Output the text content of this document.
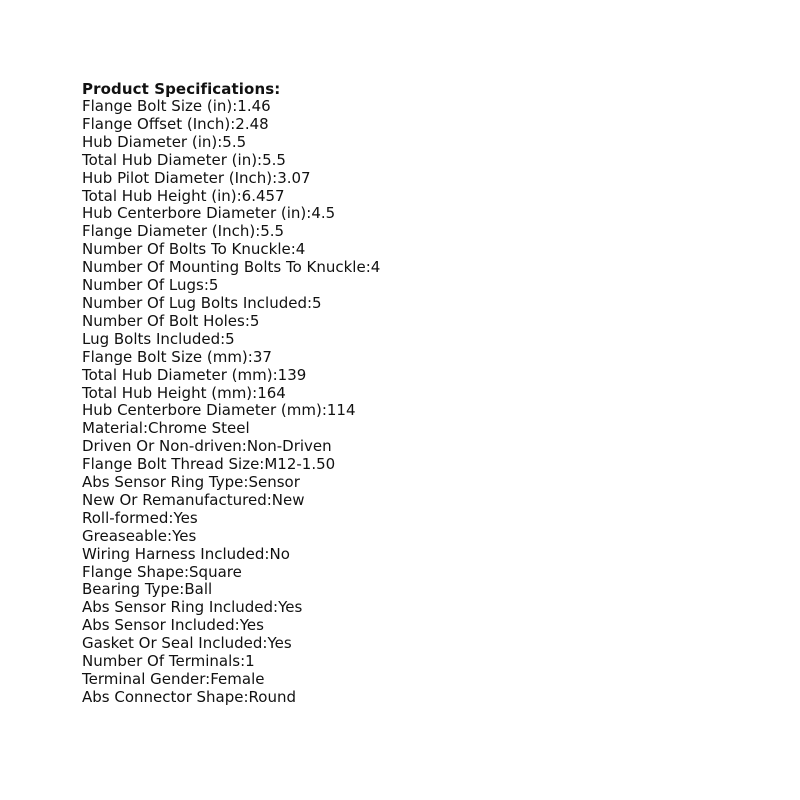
Product Specifications:
Flange Bolt Size (in):1.46
Flange Offset (Inch):2.48
Hub Diameter (in):5.5
Total Hub Diameter (in):5.5
Hub Pilot Diameter (Inch):3.07
Total Hub Height (in):6.457
Hub Centerbore Diameter (in):4.5
Flange Diameter (Inch):5.5
Number Of Bolts To Knuckle:4
Number Of Mounting Bolts To Knuckle:4
Number Of Lugs:5
Number Of Lug Bolts Included:5
Number Of Bolt Holes:5
Lug Bolts Included:5
Flange Bolt Size (mm):37
Total Hub Diameter (mm):139
Total Hub Height (mm):164
Hub Centerbore Diameter (mm):114
Material:Chrome Steel
Driven Or Non-driven:Non-Driven
Flange Bolt Thread Size:M12-1.50
Abs Sensor Ring Type:Sensor
New Or Remanufactured:New
Roll-formed:Yes
Greaseable:Yes
Wiring Harness Included:No
Flange Shape:Square
Bearing Type:Ball
Abs Sensor Ring Included:Yes
Abs Sensor Included:Yes
Gasket Or Seal Included:Yes
Number Of Terminals:1
Terminal Gender:Female
Abs Connector Shape:Round
